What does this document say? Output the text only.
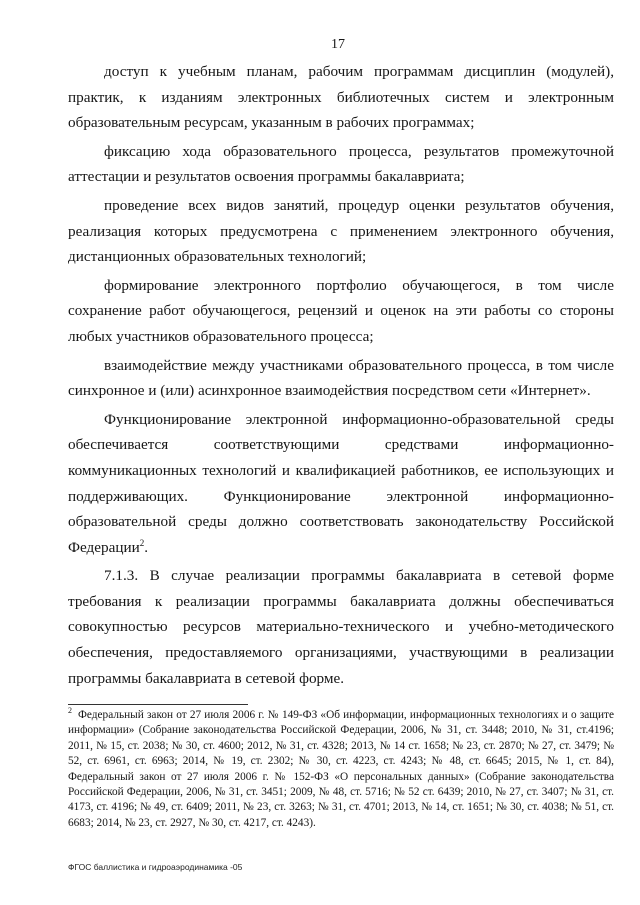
17

доступ к учебным планам, рабочим программам дисциплин (модулей), практик, к изданиям электронных библиотечных систем и электронным образовательным ресурсам, указанным в рабочих программах;

фиксацию хода образовательного процесса, результатов промежуточной аттестации и результатов освоения программы бакалавриата;

проведение всех видов занятий, процедур оценки результатов обучения, реализация которых предусмотрена с применением электронного обучения, дистанционных образовательных технологий;

формирование электронного портфолио обучающегося, в том числе сохранение работ обучающегося, рецензий и оценок на эти работы со стороны любых участников образовательного процесса;

взаимодействие между участниками образовательного процесса, в том числе синхронное и (или) асинхронное взаимодействия посредством сети «Интернет».

Функционирование электронной информационно-образовательной среды обеспечивается соответствующими средствами информационно-коммуникационных технологий и квалификацией работников, ее использующих и поддерживающих. Функционирование электронной информационно-образовательной среды должно соответствовать законодательству Российской Федерации$^2$.

7.1.3. В случае реализации программы бакалавриата в сетевой форме требования к реализации программы бакалавриата должны обеспечиваться совокупностью ресурсов материально-технического и учебно-методического обеспечения, предоставляемого организациями, участвующими в реализации программы бакалавриата в сетевой форме.

$^2$ Федеральный закон от 27 июля 2006 г. № 149-ФЗ «Об информации, информационных технологиях и о защите информации» (Собрание законодательства Российской Федерации, 2006, № 31, ст. 3448; 2010, № 31, ст.4196; 2011, № 15, ст. 2038; № 30, ст. 4600; 2012, № 31, ст. 4328; 2013, № 14 ст. 1658; № 23, ст. 2870; № 27, ст. 3479; № 52, ст. 6961, ст. 6963; 2014, № 19, ст. 2302; № 30, ст. 4223, ст. 4243; № 48, ст. 6645; 2015, № 1, ст. 84), Федеральный закон от 27 июля 2006 г. № 152-ФЗ «О персональных данных» (Собрание законодательства Российской Федерации, 2006, № 31, ст. 3451; 2009, № 48, ст. 5716; № 52 ст. 6439; 2010, № 27, ст. 3407; № 31, ст. 4173, ст. 4196; № 49, ст. 6409; 2011, № 23, ст. 3263; № 31, ст. 4701; 2013, № 14, ст. 1651; № 30, ст. 4038; № 51, ст. 6683; 2014, № 23, ст. 2927, № 30, ст. 4217, ст. 4243).

ФГОС баллистика и гидроаэродинамика -05
